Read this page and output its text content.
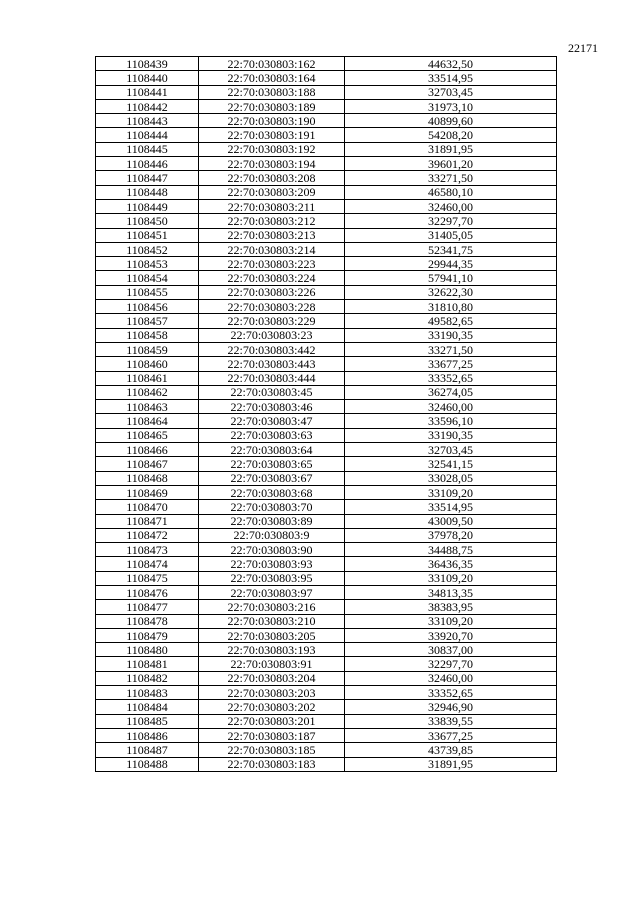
22171
1108439	22:70:030803:162	44632,50
1108440	22:70:030803:164	33514,95
1108441	22:70:030803:188	32703,45
1108442	22:70:030803:189	31973,10
1108443	22:70:030803:190	40899,60
1108444	22:70:030803:191	54208,20
1108445	22:70:030803:192	31891,95
1108446	22:70:030803:194	39601,20
1108447	22:70:030803:208	33271,50
1108448	22:70:030803:209	46580,10
1108449	22:70:030803:211	32460,00
1108450	22:70:030803:212	32297,70
1108451	22:70:030803:213	31405,05
1108452	22:70:030803:214	52341,75
1108453	22:70:030803:223	29944,35
1108454	22:70:030803:224	57941,10
1108455	22:70:030803:226	32622,30
1108456	22:70:030803:228	31810,80
1108457	22:70:030803:229	49582,65
1108458	22:70:030803:23	33190,35
1108459	22:70:030803:442	33271,50
1108460	22:70:030803:443	33677,25
1108461	22:70:030803:444	33352,65
1108462	22:70:030803:45	36274,05
1108463	22:70:030803:46	32460,00
1108464	22:70:030803:47	33596,10
1108465	22:70:030803:63	33190,35
1108466	22:70:030803:64	32703,45
1108467	22:70:030803:65	32541,15
1108468	22:70:030803:67	33028,05
1108469	22:70:030803:68	33109,20
1108470	22:70:030803:70	33514,95
1108471	22:70:030803:89	43009,50
1108472	22:70:030803:9	37978,20
1108473	22:70:030803:90	34488,75
1108474	22:70:030803:93	36436,35
1108475	22:70:030803:95	33109,20
1108476	22:70:030803:97	34813,35
1108477	22:70:030803:216	38383,95
1108478	22:70:030803:210	33109,20
1108479	22:70:030803:205	33920,70
1108480	22:70:030803:193	30837,00
1108481	22:70:030803:91	32297,70
1108482	22:70:030803:204	32460,00
1108483	22:70:030803:203	33352,65
1108484	22:70:030803:202	32946,90
1108485	22:70:030803:201	33839,55
1108486	22:70:030803:187	33677,25
1108487	22:70:030803:185	43739,85
1108488	22:70:030803:183	31891,95
